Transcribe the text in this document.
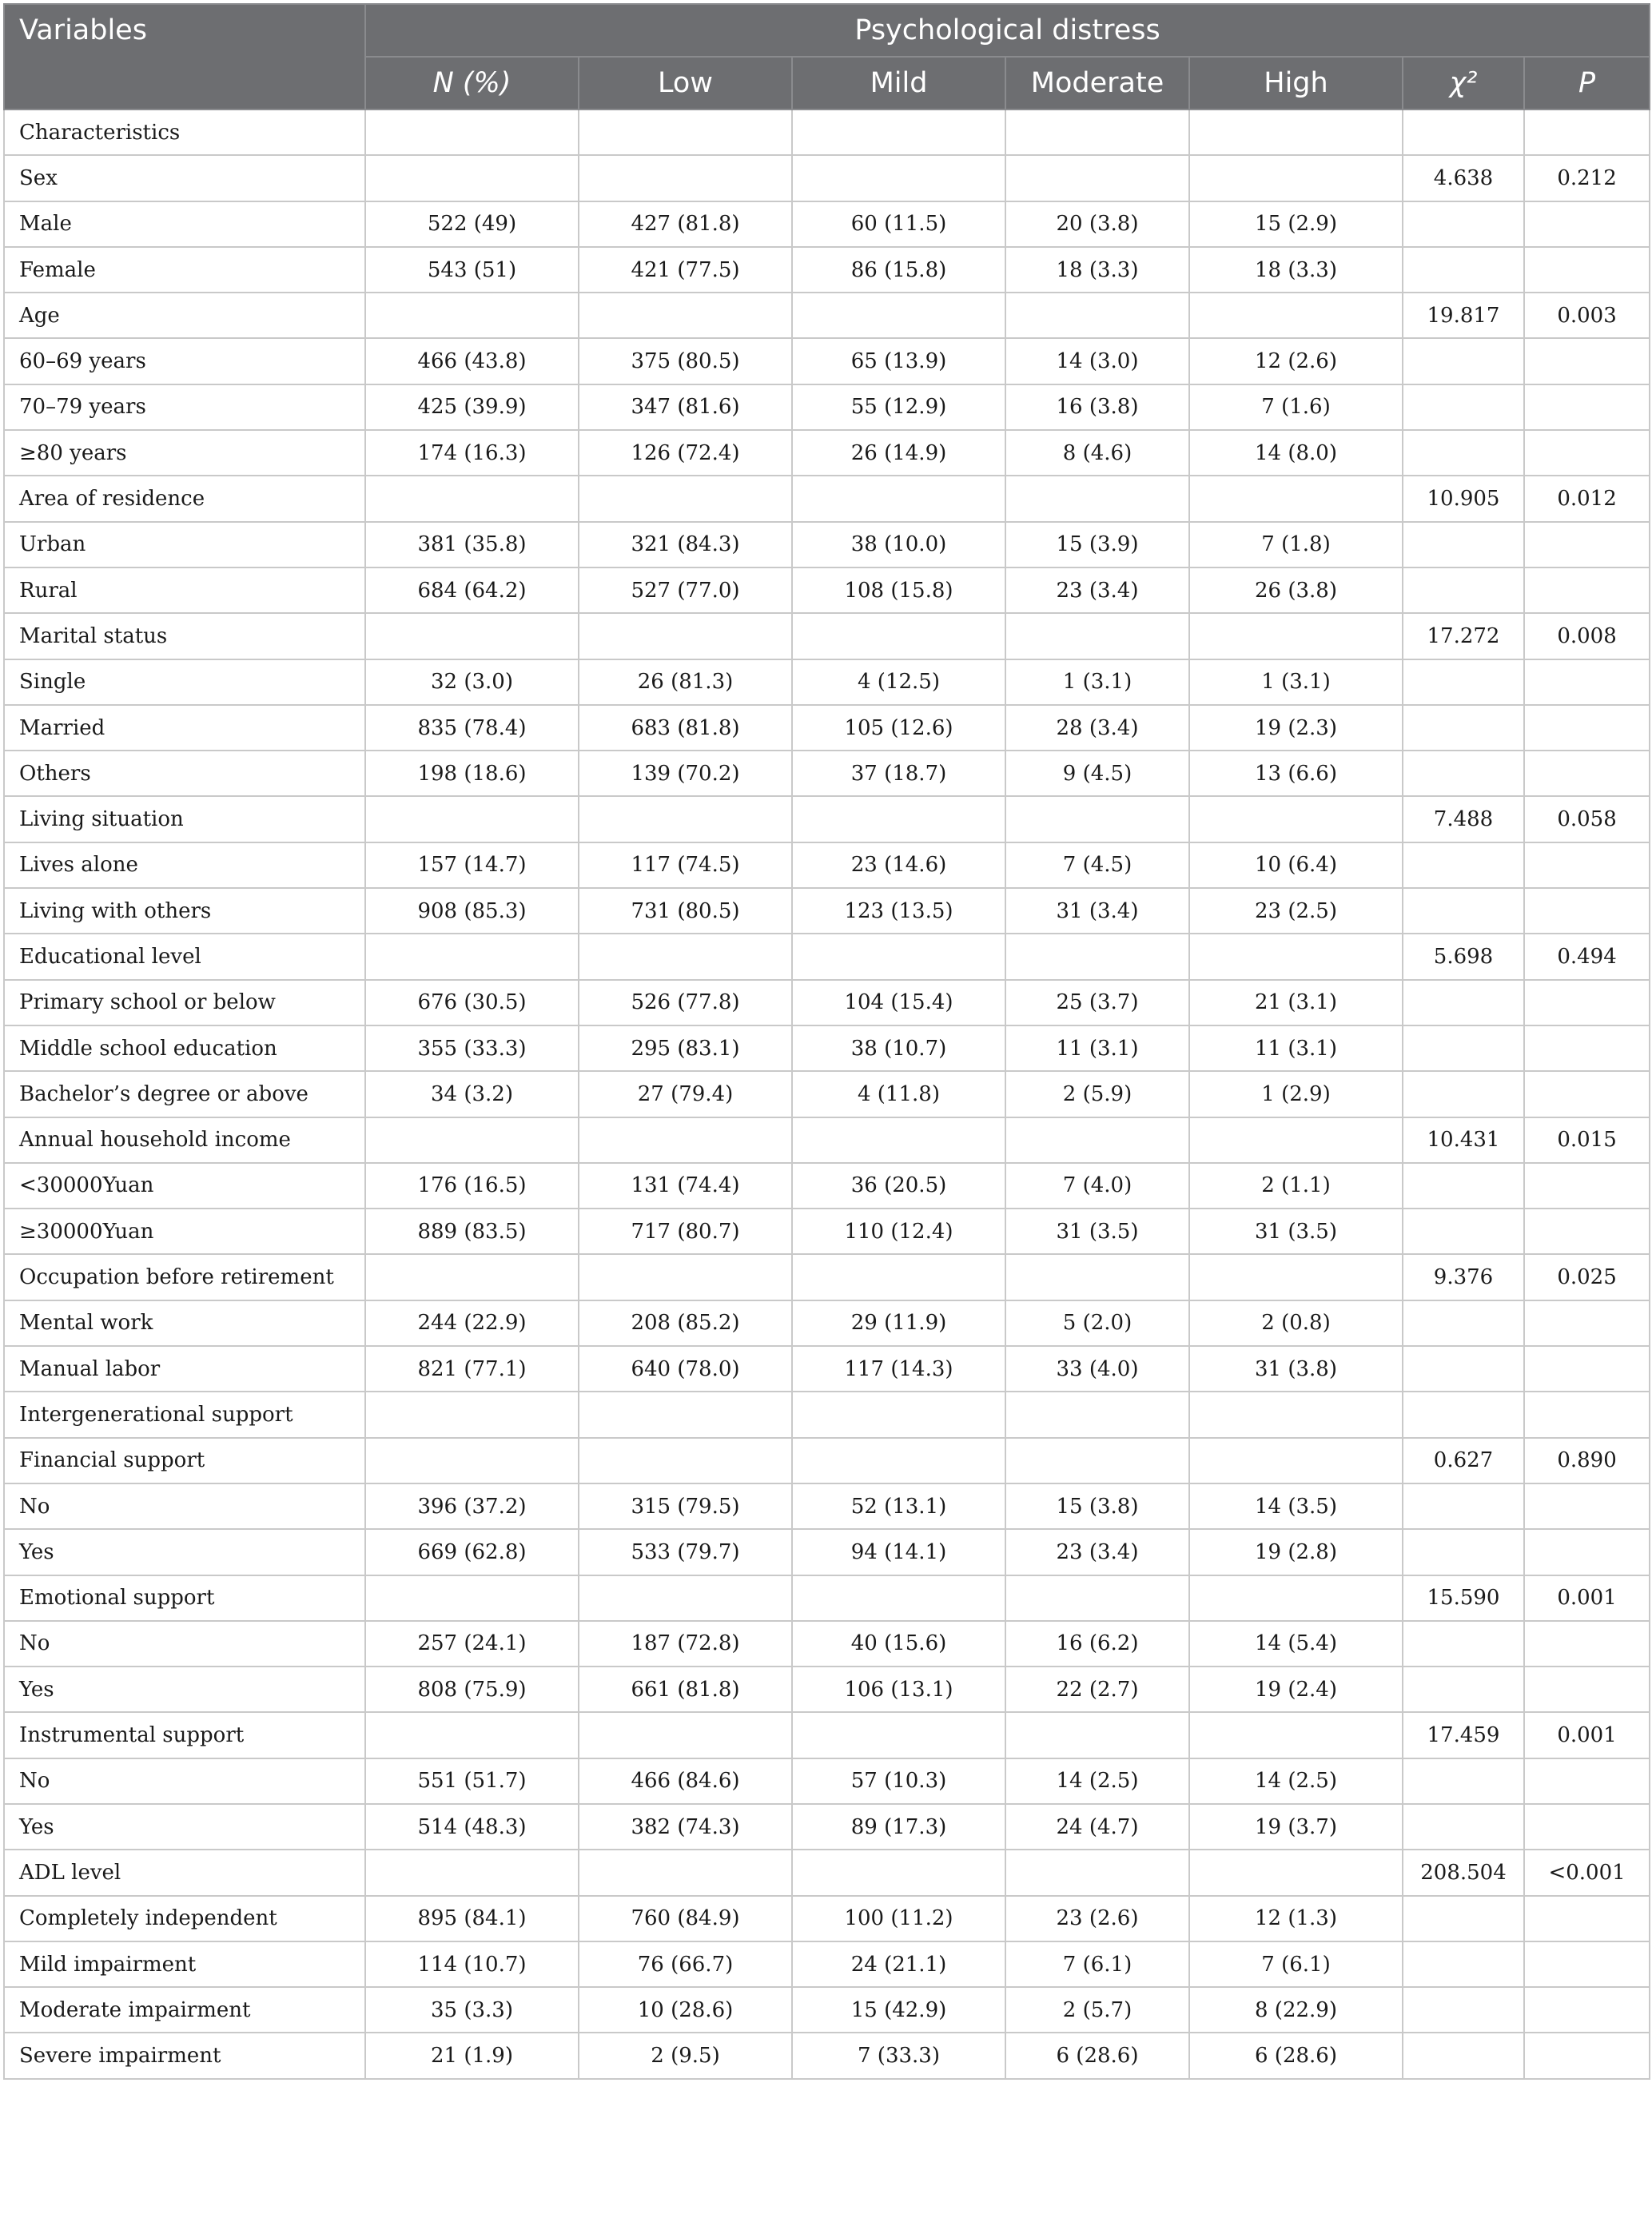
Variables	Psychological distress						
	N (%)	Low	Mild	Moderate	High	χ²	P
Characteristics							
Sex						4.638	0.212
Male	522 (49)	427 (81.8)	60 (11.5)	20 (3.8)	15 (2.9)		
Female	543 (51)	421 (77.5)	86 (15.8)	18 (3.3)	18 (3.3)		
Age						19.817	0.003
60–69 years	466 (43.8)	375 (80.5)	65 (13.9)	14 (3.0)	12 (2.6)		
70–79 years	425 (39.9)	347 (81.6)	55 (12.9)	16 (3.8)	7 (1.6)		
≥80 years	174 (16.3)	126 (72.4)	26 (14.9)	8 (4.6)	14 (8.0)		
Area of residence						10.905	0.012
Urban	381 (35.8)	321 (84.3)	38 (10.0)	15 (3.9)	7 (1.8)		
Rural	684 (64.2)	527 (77.0)	108 (15.8)	23 (3.4)	26 (3.8)		
Marital status						17.272	0.008
Single	32 (3.0)	26 (81.3)	4 (12.5)	1 (3.1)	1 (3.1)		
Married	835 (78.4)	683 (81.8)	105 (12.6)	28 (3.4)	19 (2.3)		
Others	198 (18.6)	139 (70.2)	37 (18.7)	9 (4.5)	13 (6.6)		
Living situation						7.488	0.058
Lives alone	157 (14.7)	117 (74.5)	23 (14.6)	7 (4.5)	10 (6.4)		
Living with others	908 (85.3)	731 (80.5)	123 (13.5)	31 (3.4)	23 (2.5)		
Educational level						5.698	0.494
Primary school or below	676 (30.5)	526 (77.8)	104 (15.4)	25 (3.7)	21 (3.1)		
Middle school education	355 (33.3)	295 (83.1)	38 (10.7)	11 (3.1)	11 (3.1)		
Bachelor’s degree or above	34 (3.2)	27 (79.4)	4 (11.8)	2 (5.9)	1 (2.9)		
Annual household income						10.431	0.015
<30000Yuan	176 (16.5)	131 (74.4)	36 (20.5)	7 (4.0)	2 (1.1)		
≥30000Yuan	889 (83.5)	717 (80.7)	110 (12.4)	31 (3.5)	31 (3.5)		
Occupation before retirement						9.376	0.025
Mental work	244 (22.9)	208 (85.2)	29 (11.9)	5 (2.0)	2 (0.8)		
Manual labor	821 (77.1)	640 (78.0)	117 (14.3)	33 (4.0)	31 (3.8)		
Intergenerational support							
Financial support						0.627	0.890
No	396 (37.2)	315 (79.5)	52 (13.1)	15 (3.8)	14 (3.5)		
Yes	669 (62.8)	533 (79.7)	94 (14.1)	23 (3.4)	19 (2.8)		
Emotional support						15.590	0.001
No	257 (24.1)	187 (72.8)	40 (15.6)	16 (6.2)	14 (5.4)		
Yes	808 (75.9)	661 (81.8)	106 (13.1)	22 (2.7)	19 (2.4)		
Instrumental support						17.459	0.001
No	551 (51.7)	466 (84.6)	57 (10.3)	14 (2.5)	14 (2.5)		
Yes	514 (48.3)	382 (74.3)	89 (17.3)	24 (4.7)	19 (3.7)		
ADL level						208.504	<0.001
Completely independent	895 (84.1)	760 (84.9)	100 (11.2)	23 (2.6)	12 (1.3)		
Mild impairment	114 (10.7)	76 (66.7)	24 (21.1)	7 (6.1)	7 (6.1)		
Moderate impairment	35 (3.3)	10 (28.6)	15 (42.9)	2 (5.7)	8 (22.9)		
Severe impairment	21 (1.9)	2 (9.5)	7 (33.3)	6 (28.6)	6 (28.6)		
